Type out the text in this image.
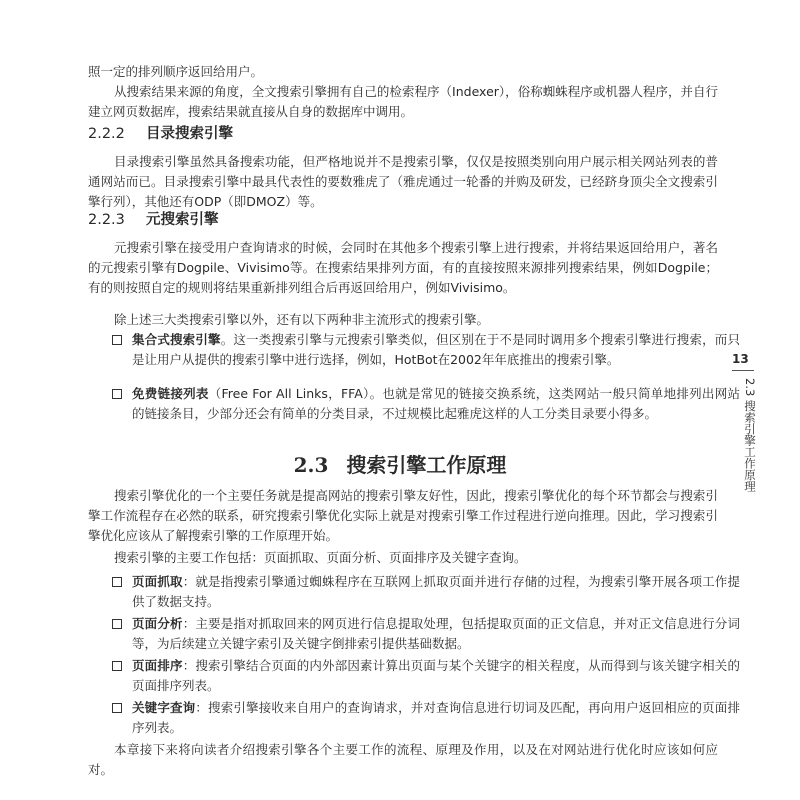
照一定的排列顺序返回给用户。

从搜索结果来源的角度，全文搜索引擎拥有自己的检索程序（Indexer），俗称蜘蛛程序或机器人程序，并自行建立网页数据库，搜索结果就直接从自身的数据库中调用。

2.2.2 目录搜索引擎

目录搜索引擎虽然具备搜索功能，但严格地说并不是搜索引擎，仅仅是按照类别向用户展示相关网站列表的普通网站而已。目录搜索引擎中最具代表性的要数雅虎了（雅虎通过一轮番的并购及研发，已经跻身顶尖全文搜索引擎行列），其他还有ODP（即DMOZ）等。

2.2.3 元搜索引擎

元搜索引擎在接受用户查询请求的时候，会同时在其他多个搜索引擎上进行搜索，并将结果返回给用户，著名的元搜索引擎有Dogpile、Vivisimo等。在搜索结果排列方面，有的直接按照来源排列搜索结果，例如Dogpile；有的则按照自定的规则将结果重新排列组合后再返回给用户，例如Vivisimo。

除上述三大类搜索引擎以外，还有以下两种非主流形式的搜索引擎。

集合式搜索引擎。这一类搜索引擎与元搜索引擎类似，但区别在于不是同时调用多个搜索引擎进行搜索，而只是让用户从提供的搜索引擎中进行选择，例如，HotBot在2002年年底推出的搜索引擎。
免费链接列表（Free For All Links，FFA）。也就是常见的链接交换系统，这类网站一般只简单地排列出网站的链接条目，少部分还会有简单的分类目录，不过规模比起雅虎这样的人工分类目录要小得多。
2.3 搜索引擎工作原理

搜索引擎优化的一个主要任务就是提高网站的搜索引擎友好性，因此，搜索引擎优化的每个环节都会与搜索引擎工作流程存在必然的联系，研究搜索引擎优化实际上就是对搜索引擎工作过程进行逆向推理。因此，学习搜索引擎优化应该从了解搜索引擎的工作原理开始。

搜索引擎的主要工作包括：页面抓取、页面分析、页面排序及关键字查询。

页面抓取：就是指搜索引擎通过蜘蛛程序在互联网上抓取页面并进行存储的过程，为搜索引擎开展各项工作提供了数据支持。
页面分析：主要是指对抓取回来的网页进行信息提取处理，包括提取页面的正文信息，并对正文信息进行分词等，为后续建立关键字索引及关键字倒排索引提供基础数据。
页面排序：搜索引擎结合页面的内外部因素计算出页面与某个关键字的相关程度，从而得到与该关键字相关的页面排序列表。
关键字查询：搜索引擎接收来自用户的查询请求，并对查询信息进行切词及匹配，再向用户返回相应的页面排序列表。

本章接下来将向读者介绍搜索引擎各个主要工作的流程、原理及作用，以及在对网站进行优化时应该如何应对。

13
2.3 搜索引擎工作原理
